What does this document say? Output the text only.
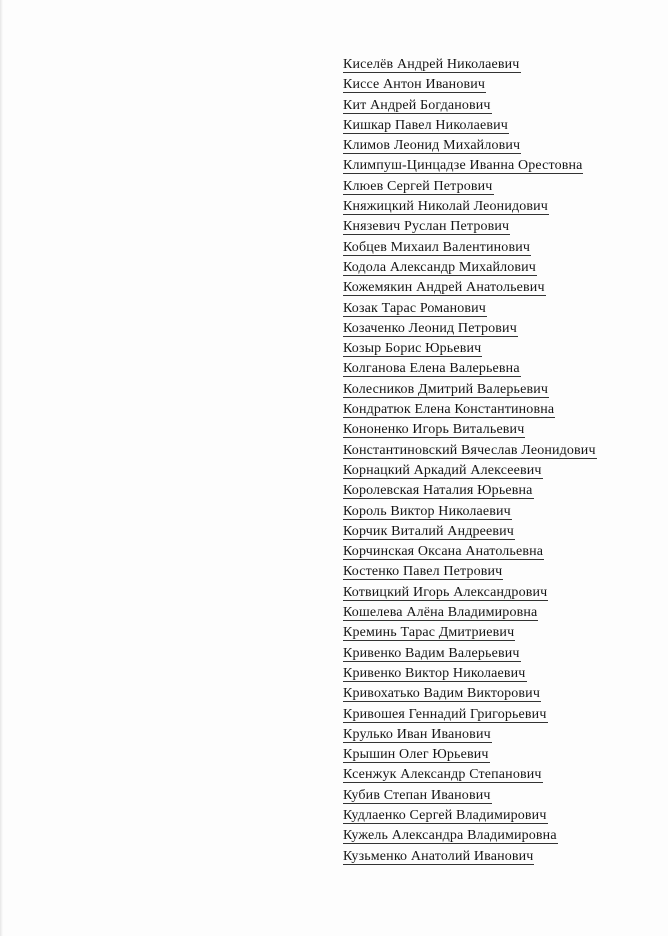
Киселёв Андрей Николаевич
Киссе Антон Иванович
Кит Андрей Богданович
Кишкар Павел Николаевич
Климов Леонид Михайлович
Климпуш-Цинцадзе Иванна Орестовна
Клюев Сергей Петрович
Княжицкий Николай Леонидович
Князевич Руслан Петрович
Кобцев Михаил Валентинович
Кодола Александр Михайлович
Кожемякин Андрей Анатольевич
Козак Тарас Романович
Козаченко Леонид Петрович
Козыр Борис Юрьевич
Колганова Елена Валерьевна
Колесников Дмитрий Валерьевич
Кондратюк Елена Константиновна
Кононенко Игорь Витальевич
Константиновский Вячеслав Леонидович
Корнацкий Аркадий Алексеевич
Королевская Наталия Юрьевна
Король Виктор Николаевич
Корчик Виталий Андреевич
Корчинская Оксана Анатольевна
Костенко Павел Петрович
Котвицкий Игорь Александрович
Кошелева Алёна Владимировна
Креминь Тарас Дмитриевич
Кривенко Вадим Валерьевич
Кривенко Виктор Николаевич
Кривохатько Вадим Викторович
Кривошея Геннадий Григорьевич
Крулько Иван Иванович
Крышин Олег Юрьевич
Ксенжук Александр Степанович
Кубив Степан Иванович
Кудлаенко Сергей Владимирович
Кужель Александра Владимировна
Кузьменко Анатолий Иванович
